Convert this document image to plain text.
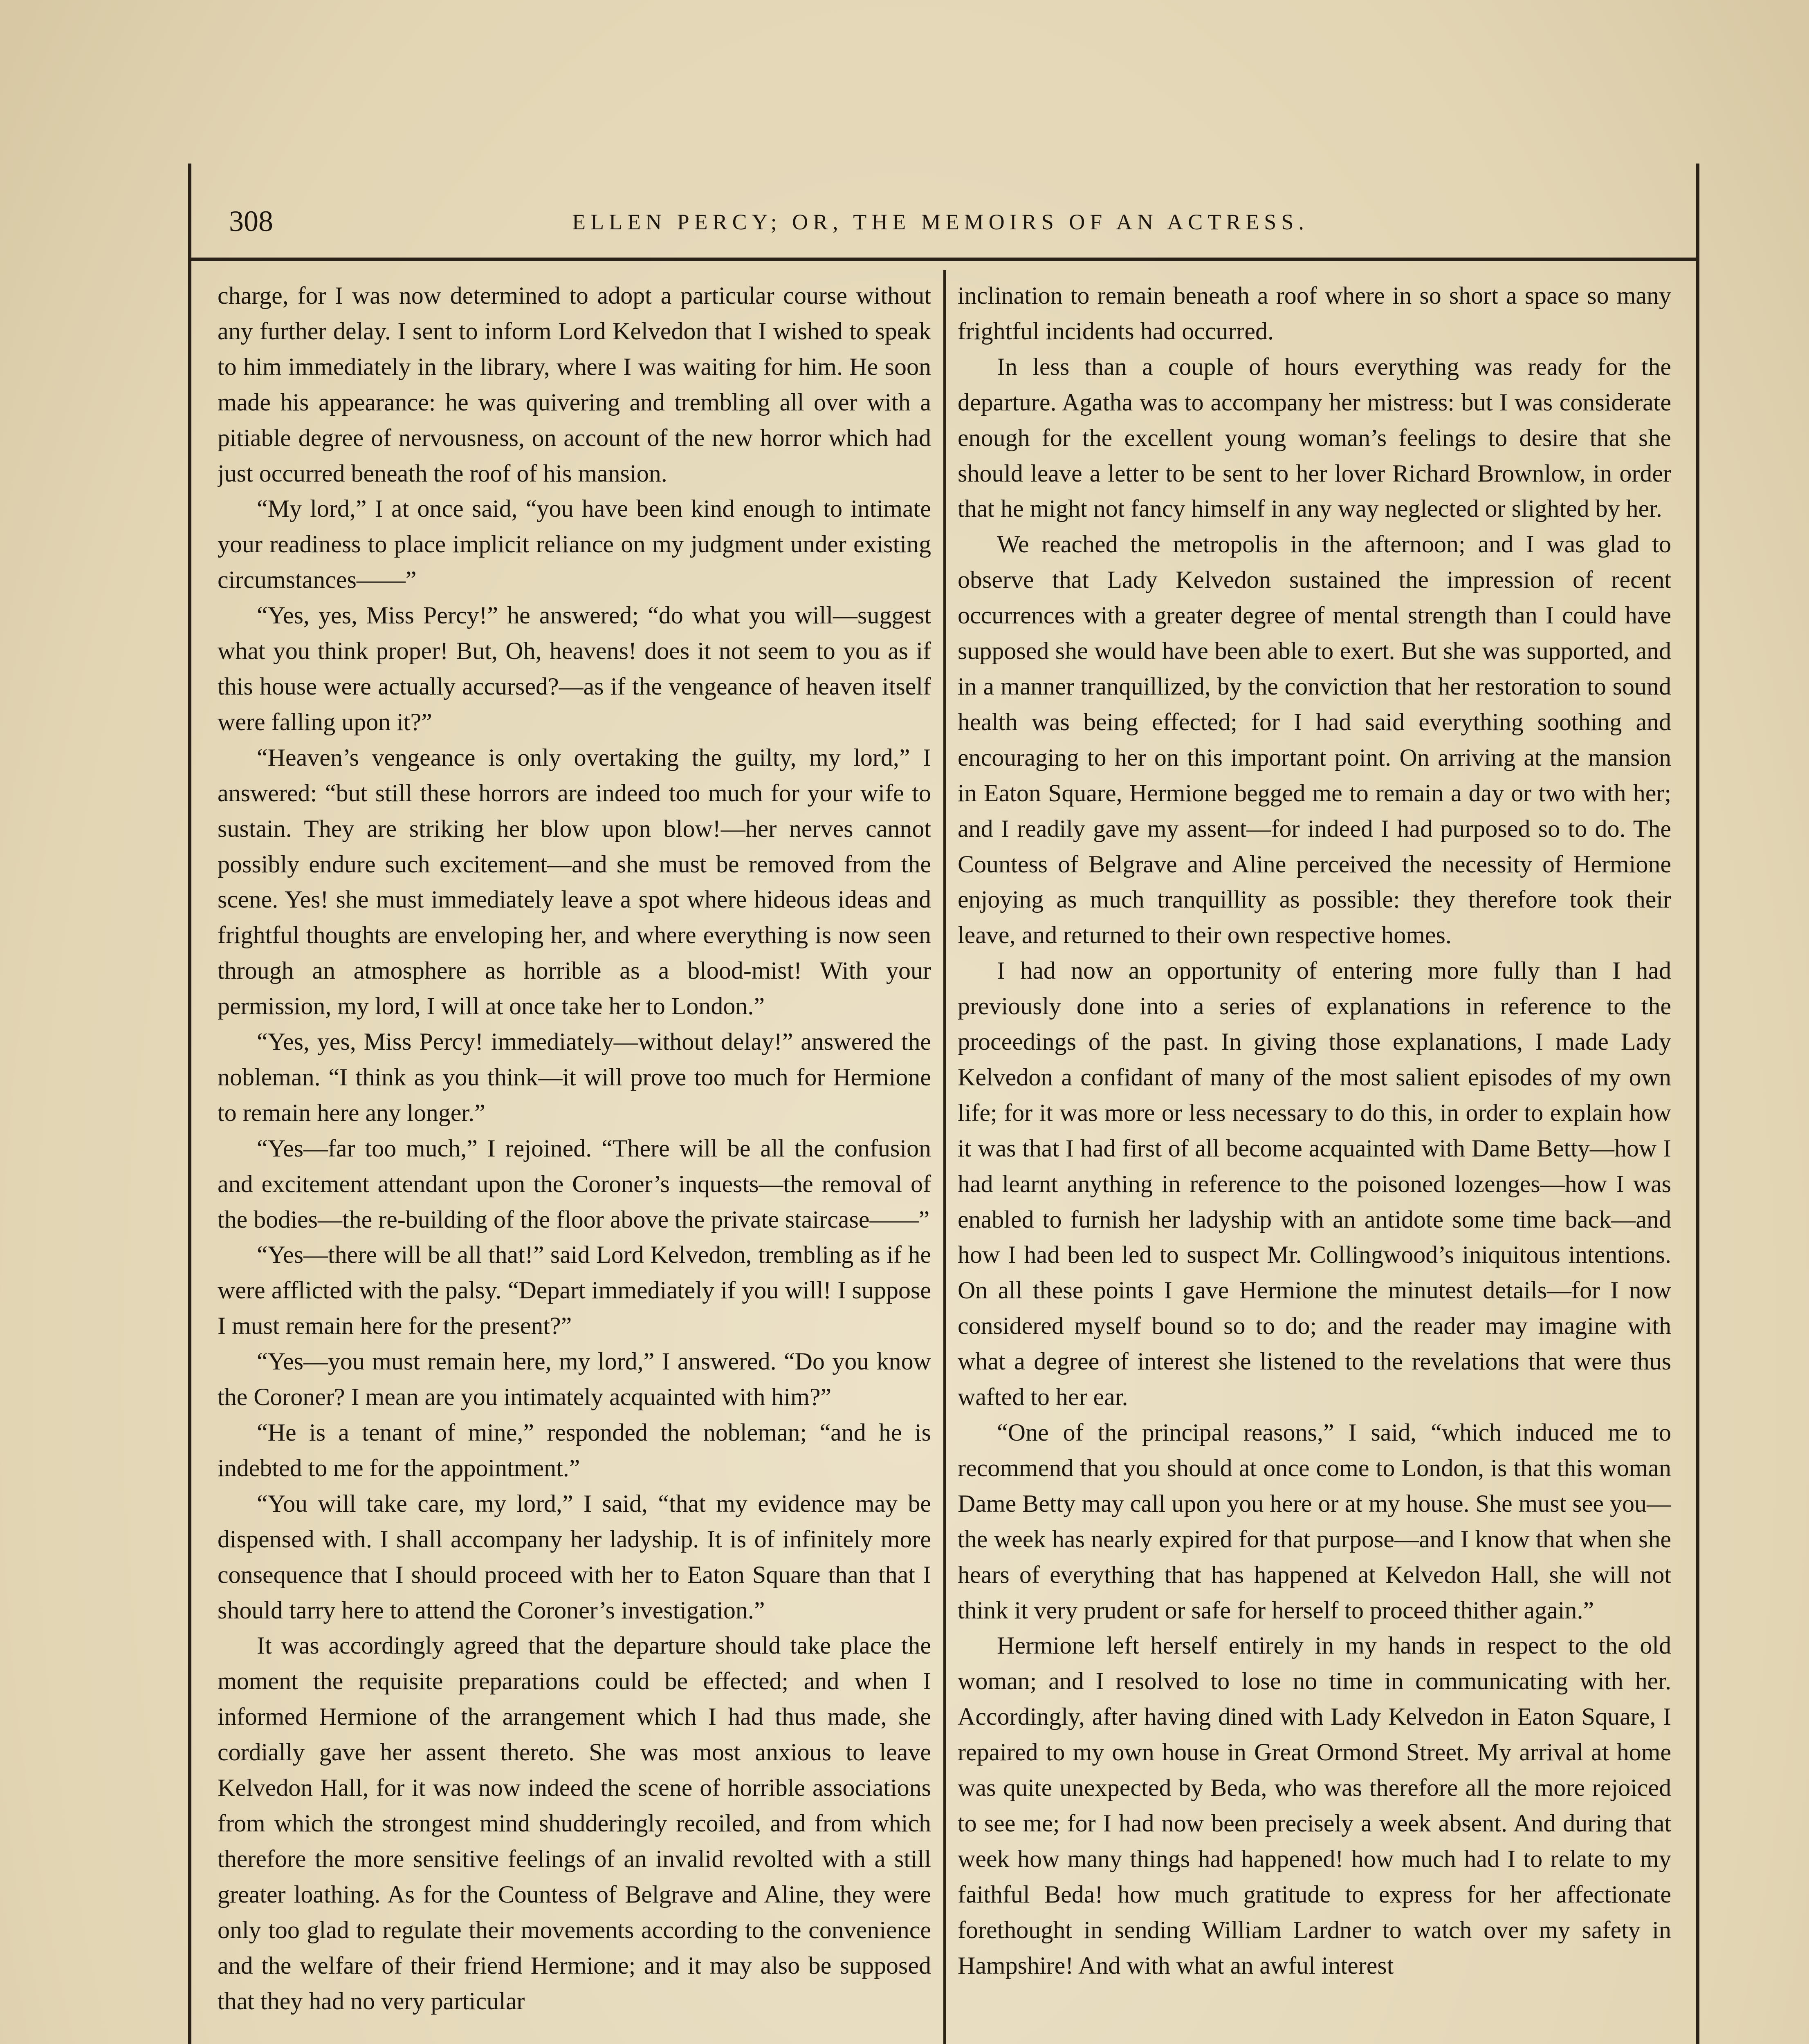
308	ELLEN PERCY; OR, THE MEMOIRS OF AN ACTRESS.

charge, for I was now determined to adopt a particular course without any further delay. I sent to inform Lord Kelvedon that I wished to speak to him immediately in the library, where I was waiting for him. He soon made his appearance: he was quivering and trembling all over with a pitiable degree of nervousness, on account of the new horror which had just occurred beneath the roof of his mansion.

“My lord,” I at once said, “you have been kind enough to intimate your readiness to place implicit reliance on my judgment under existing circumstances——”

“Yes, yes, Miss Percy!” he answered; “do what you will—suggest what you think proper! But, Oh, heavens! does it not seem to you as if this house were actually accursed?—as if the vengeance of heaven itself were falling upon it?”

“Heaven’s vengeance is only overtaking the guilty, my lord,” I answered: “but still these horrors are indeed too much for your wife to sustain. They are striking her blow upon blow!—her nerves cannot possibly endure such excitement—and she must be removed from the scene. Yes! she must immediately leave a spot where hideous ideas and frightful thoughts are enveloping her, and where everything is now seen through an atmosphere as horrible as a blood-mist! With your permission, my lord, I will at once take her to London.”

“Yes, yes, Miss Percy! immediately—without delay!” answered the nobleman. “I think as you think—it will prove too much for Hermione to remain here any longer.”

“Yes—far too much,” I rejoined. “There will be all the confusion and excitement attendant upon the Coroner’s inquests—the removal of the bodies—the re-building of the floor above the private staircase——”

“Yes—there will be all that!” said Lord Kelvedon, trembling as if he were afflicted with the palsy. “Depart immediately if you will! I suppose I must remain here for the present?”

“Yes—you must remain here, my lord,” I answered. “Do you know the Coroner? I mean are you intimately acquainted with him?”

“He is a tenant of mine,” responded the nobleman; “and he is indebted to me for the appointment.”

“You will take care, my lord,” I said, “that my evidence may be dispensed with. I shall accompany her ladyship. It is of infinitely more consequence that I should proceed with her to Eaton Square than that I should tarry here to attend the Coroner’s investigation.”

It was accordingly agreed that the departure should take place the moment the requisite preparations could be effected; and when I informed Hermione of the arrangement which I had thus made, she cordially gave her assent thereto. She was most anxious to leave Kelvedon Hall, for it was now indeed the scene of horrible associations from which the strongest mind shudderingly recoiled, and from which therefore the more sensitive feelings of an invalid revolted with a still greater loathing. As for the Countess of Belgrave and Aline, they were only too glad to regulate their movements according to the convenience and the welfare of their friend Hermione; and it may also be supposed that they had no very particular

inclination to remain beneath a roof where in so short a space so many frightful incidents had occurred.

In less than a couple of hours everything was ready for the departure. Agatha was to accompany her mistress: but I was considerate enough for the excellent young woman’s feelings to desire that she should leave a letter to be sent to her lover Richard Brownlow, in order that he might not fancy himself in any way neglected or slighted by her.

We reached the metropolis in the afternoon; and I was glad to observe that Lady Kelvedon sustained the impression of recent occurrences with a greater degree of mental strength than I could have supposed she would have been able to exert. But she was supported, and in a manner tranquillized, by the conviction that her restoration to sound health was being effected; for I had said everything soothing and encouraging to her on this important point. On arriving at the mansion in Eaton Square, Hermione begged me to remain a day or two with her; and I readily gave my assent—for indeed I had purposed so to do. The Countess of Belgrave and Aline perceived the necessity of Hermione enjoying as much tranquillity as possible: they therefore took their leave, and returned to their own respective homes.

I had now an opportunity of entering more fully than I had previously done into a series of explanations in reference to the proceedings of the past. In giving those explanations, I made Lady Kelvedon a confidant of many of the most salient episodes of my own life; for it was more or less necessary to do this, in order to explain how it was that I had first of all become acquainted with Dame Betty—how I had learnt anything in reference to the poisoned lozenges—how I was enabled to furnish her ladyship with an antidote some time back—and how I had been led to suspect Mr. Collingwood’s iniquitous intentions. On all these points I gave Hermione the minutest details—for I now considered myself bound so to do; and the reader may imagine with what a degree of interest she listened to the revelations that were thus wafted to her ear.

“One of the principal reasons,” I said, “which induced me to recommend that you should at once come to London, is that this woman Dame Betty may call upon you here or at my house. She must see you—the week has nearly expired for that purpose—and I know that when she hears of everything that has happened at Kelvedon Hall, she will not think it very prudent or safe for herself to proceed thither again.”

Hermione left herself entirely in my hands in respect to the old woman; and I resolved to lose no time in communicating with her. Accordingly, after having dined with Lady Kelvedon in Eaton Square, I repaired to my own house in Great Ormond Street. My arrival at home was quite unexpected by Beda, who was therefore all the more rejoiced to see me; for I had now been precisely a week absent. And during that week how many things had happened! how much had I to relate to my faithful Beda! how much gratitude to express for her affectionate forethought in sending William Lardner to watch over my safety in Hampshire! And with what an awful interest
